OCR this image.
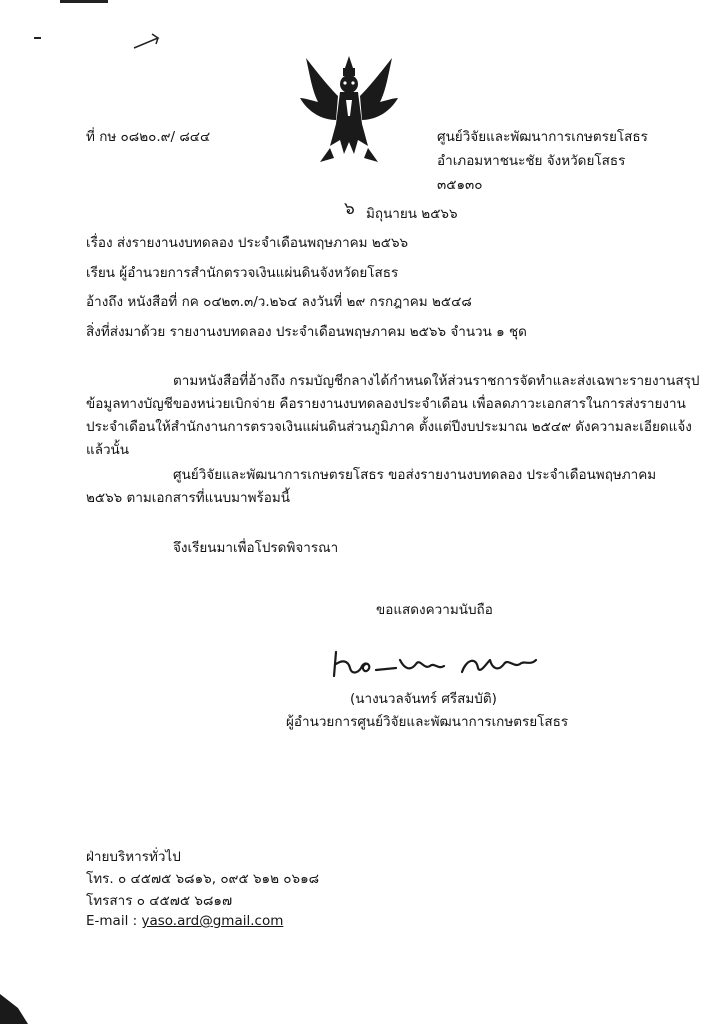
ที่ กษ ๐๘๒๐.๙/ ๘๔๔	ศูนย์วิจัยและพัฒนาการเกษตรยโสธร
อำเภอมหาชนะชัย จังหวัดยโสธร
๓๕๑๓๐
๖ มิถุนายน ๒๕๖๖
เรื่อง ส่งรายงานงบทดลอง ประจำเดือนพฤษภาคม ๒๕๖๖
เรียน ผู้อำนวยการสำนักตรวจเงินแผ่นดินจังหวัดยโสธร
อ้างถึง หนังสือที่ กค ๐๔๒๓.๓/ว.๒๖๔ ลงวันที่ ๒๙ กรกฎาคม ๒๕๔๘
สิ่งที่ส่งมาด้วย รายงานงบทดลอง ประจำเดือนพฤษภาคม ๒๕๖๖ จำนวน ๑ ชุด
ตามหนังสือที่อ้างถึง กรมบัญชีกลางได้กำหนดให้ส่วนราชการจัดทำและส่งเฉพาะรายงานสรุป
ข้อมูลทางบัญชีของหน่วยเบิกจ่าย คือรายงานงบทดลองประจำเดือน เพื่อลดภาวะเอกสารในการส่งรายงาน
ประจำเดือนให้สำนักงานการตรวจเงินแผ่นดินส่วนภูมิภาค ตั้งแต่ปีงบประมาณ ๒๕๔๙ ดังความละเอียดแจ้ง
แล้วนั้น
ศูนย์วิจัยและพัฒนาการเกษตรยโสธร ขอส่งรายงานงบทดลอง ประจำเดือนพฤษภาคม
๒๕๖๖ ตามเอกสารที่แนบมาพร้อมนี้
จึงเรียนมาเพื่อโปรดพิจารณา
ขอแสดงความนับถือ
(นางนวลจันทร์ ศรีสมบัติ)
ผู้อำนวยการศูนย์วิจัยและพัฒนาการเกษตรยโสธร
ฝ่ายบริหารทั่วไป
โทร. ๐ ๔๕๗๕ ๖๘๑๖, ๐๙๕ ๖๑๒ ๐๖๑๘
โทรสาร ๐ ๔๕๗๕ ๖๘๑๗
E-mail : yaso.ard@gmail.com
